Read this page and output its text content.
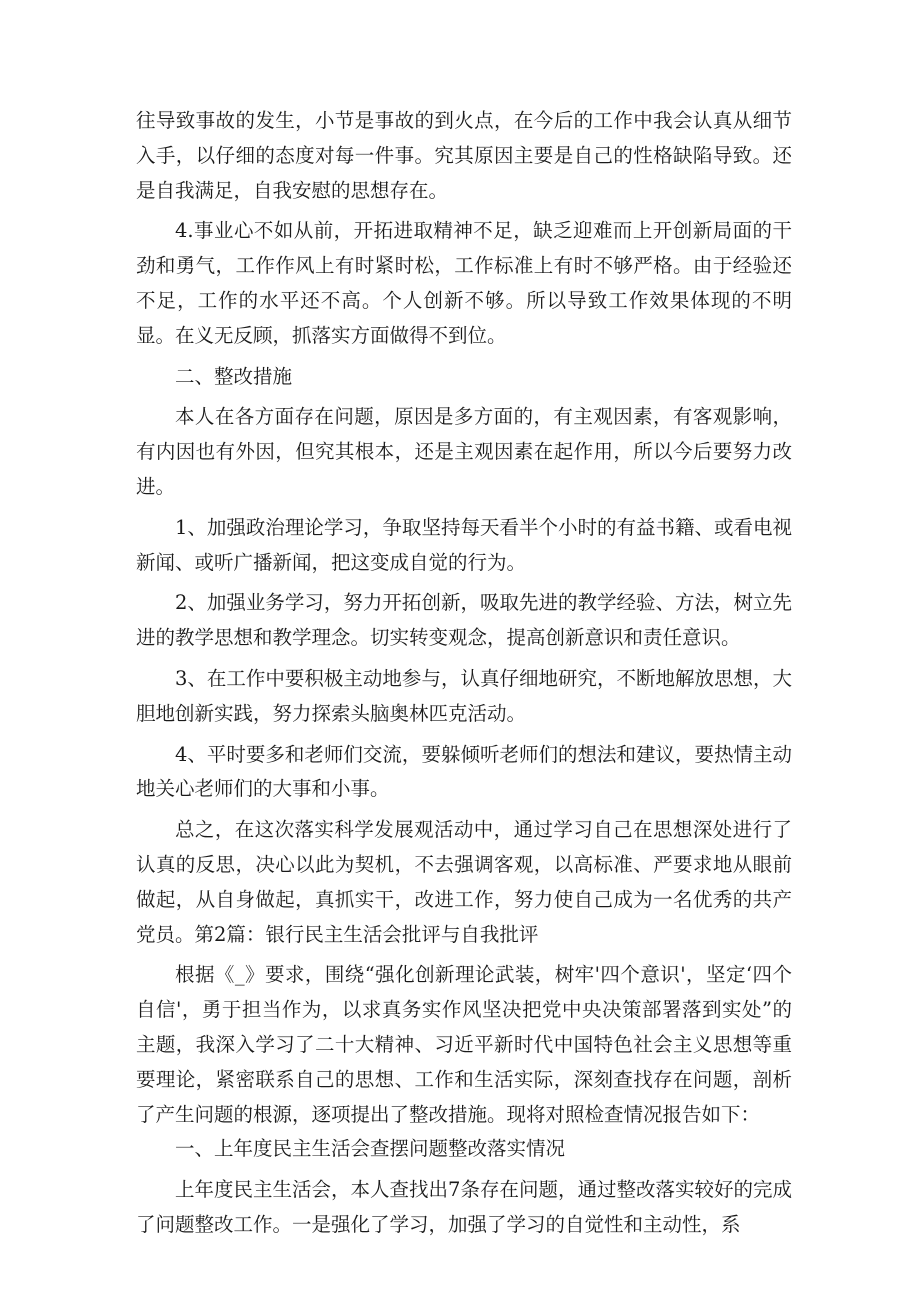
往导致事故的发生，小节是事故的到火点，在今后的工作中我会认真从细节入手，以仔细的态度对每一件事。究其原因主要是自己的性格缺陷导致。还是自我满足，自我安慰的思想存在。

4.事业心不如从前，开拓进取精神不足，缺乏迎难而上开创新局面的干劲和勇气，工作作风上有时紧时松，工作标准上有时不够严格。由于经验还不足，工作的水平还不高。个人创新不够。所以导致工作效果体现的不明显。在义无反顾，抓落实方面做得不到位。

二、整改措施

本人在各方面存在问题，原因是多方面的，有主观因素，有客观影响，有内因也有外因，但究其根本，还是主观因素在起作用，所以今后要努力改进。

1、加强政治理论学习，争取坚持每天看半个小时的有益书籍、或看电视新闻、或听广播新闻，把这变成自觉的行为。

2、加强业务学习，努力开拓创新，吸取先进的教学经验、方法，树立先进的教学思想和教学理念。切实转变观念，提高创新意识和责任意识。

3、在工作中要积极主动地参与，认真仔细地研究，不断地解放思想，大胆地创新实践，努力探索头脑奥林匹克活动。

4、平时要多和老师们交流，要躲倾听老师们的想法和建议，要热情主动地关心老师们的大事和小事。

总之，在这次落实科学发展观活动中，通过学习自己在思想深处进行了认真的反思，决心以此为契机，不去强调客观，以高标准、严要求地从眼前做起，从自身做起，真抓实干，改进工作，努力使自己成为一名优秀的共产党员。第2篇：银行民主生活会批评与自我批评

根据《_》要求，围绕“强化创新理论武装，树牢'四个意识'，坚定‘四个自信'，勇于担当作为，以求真务实作风坚决把党中央决策部署落到实处”的主题，我深入学习了二十大精神、习近平新时代中国特色社会主义思想等重要理论，紧密联系自己的思想、工作和生活实际，深刻查找存在问题，剖析了产生问题的根源，逐项提出了整改措施。现将对照检查情况报告如下：

一、上年度民主生活会查摆问题整改落实情况

上年度民主生活会，本人查找出7条存在问题，通过整改落实较好的完成了问题整改工作。一是强化了学习，加强了学习的自觉性和主动性，系
